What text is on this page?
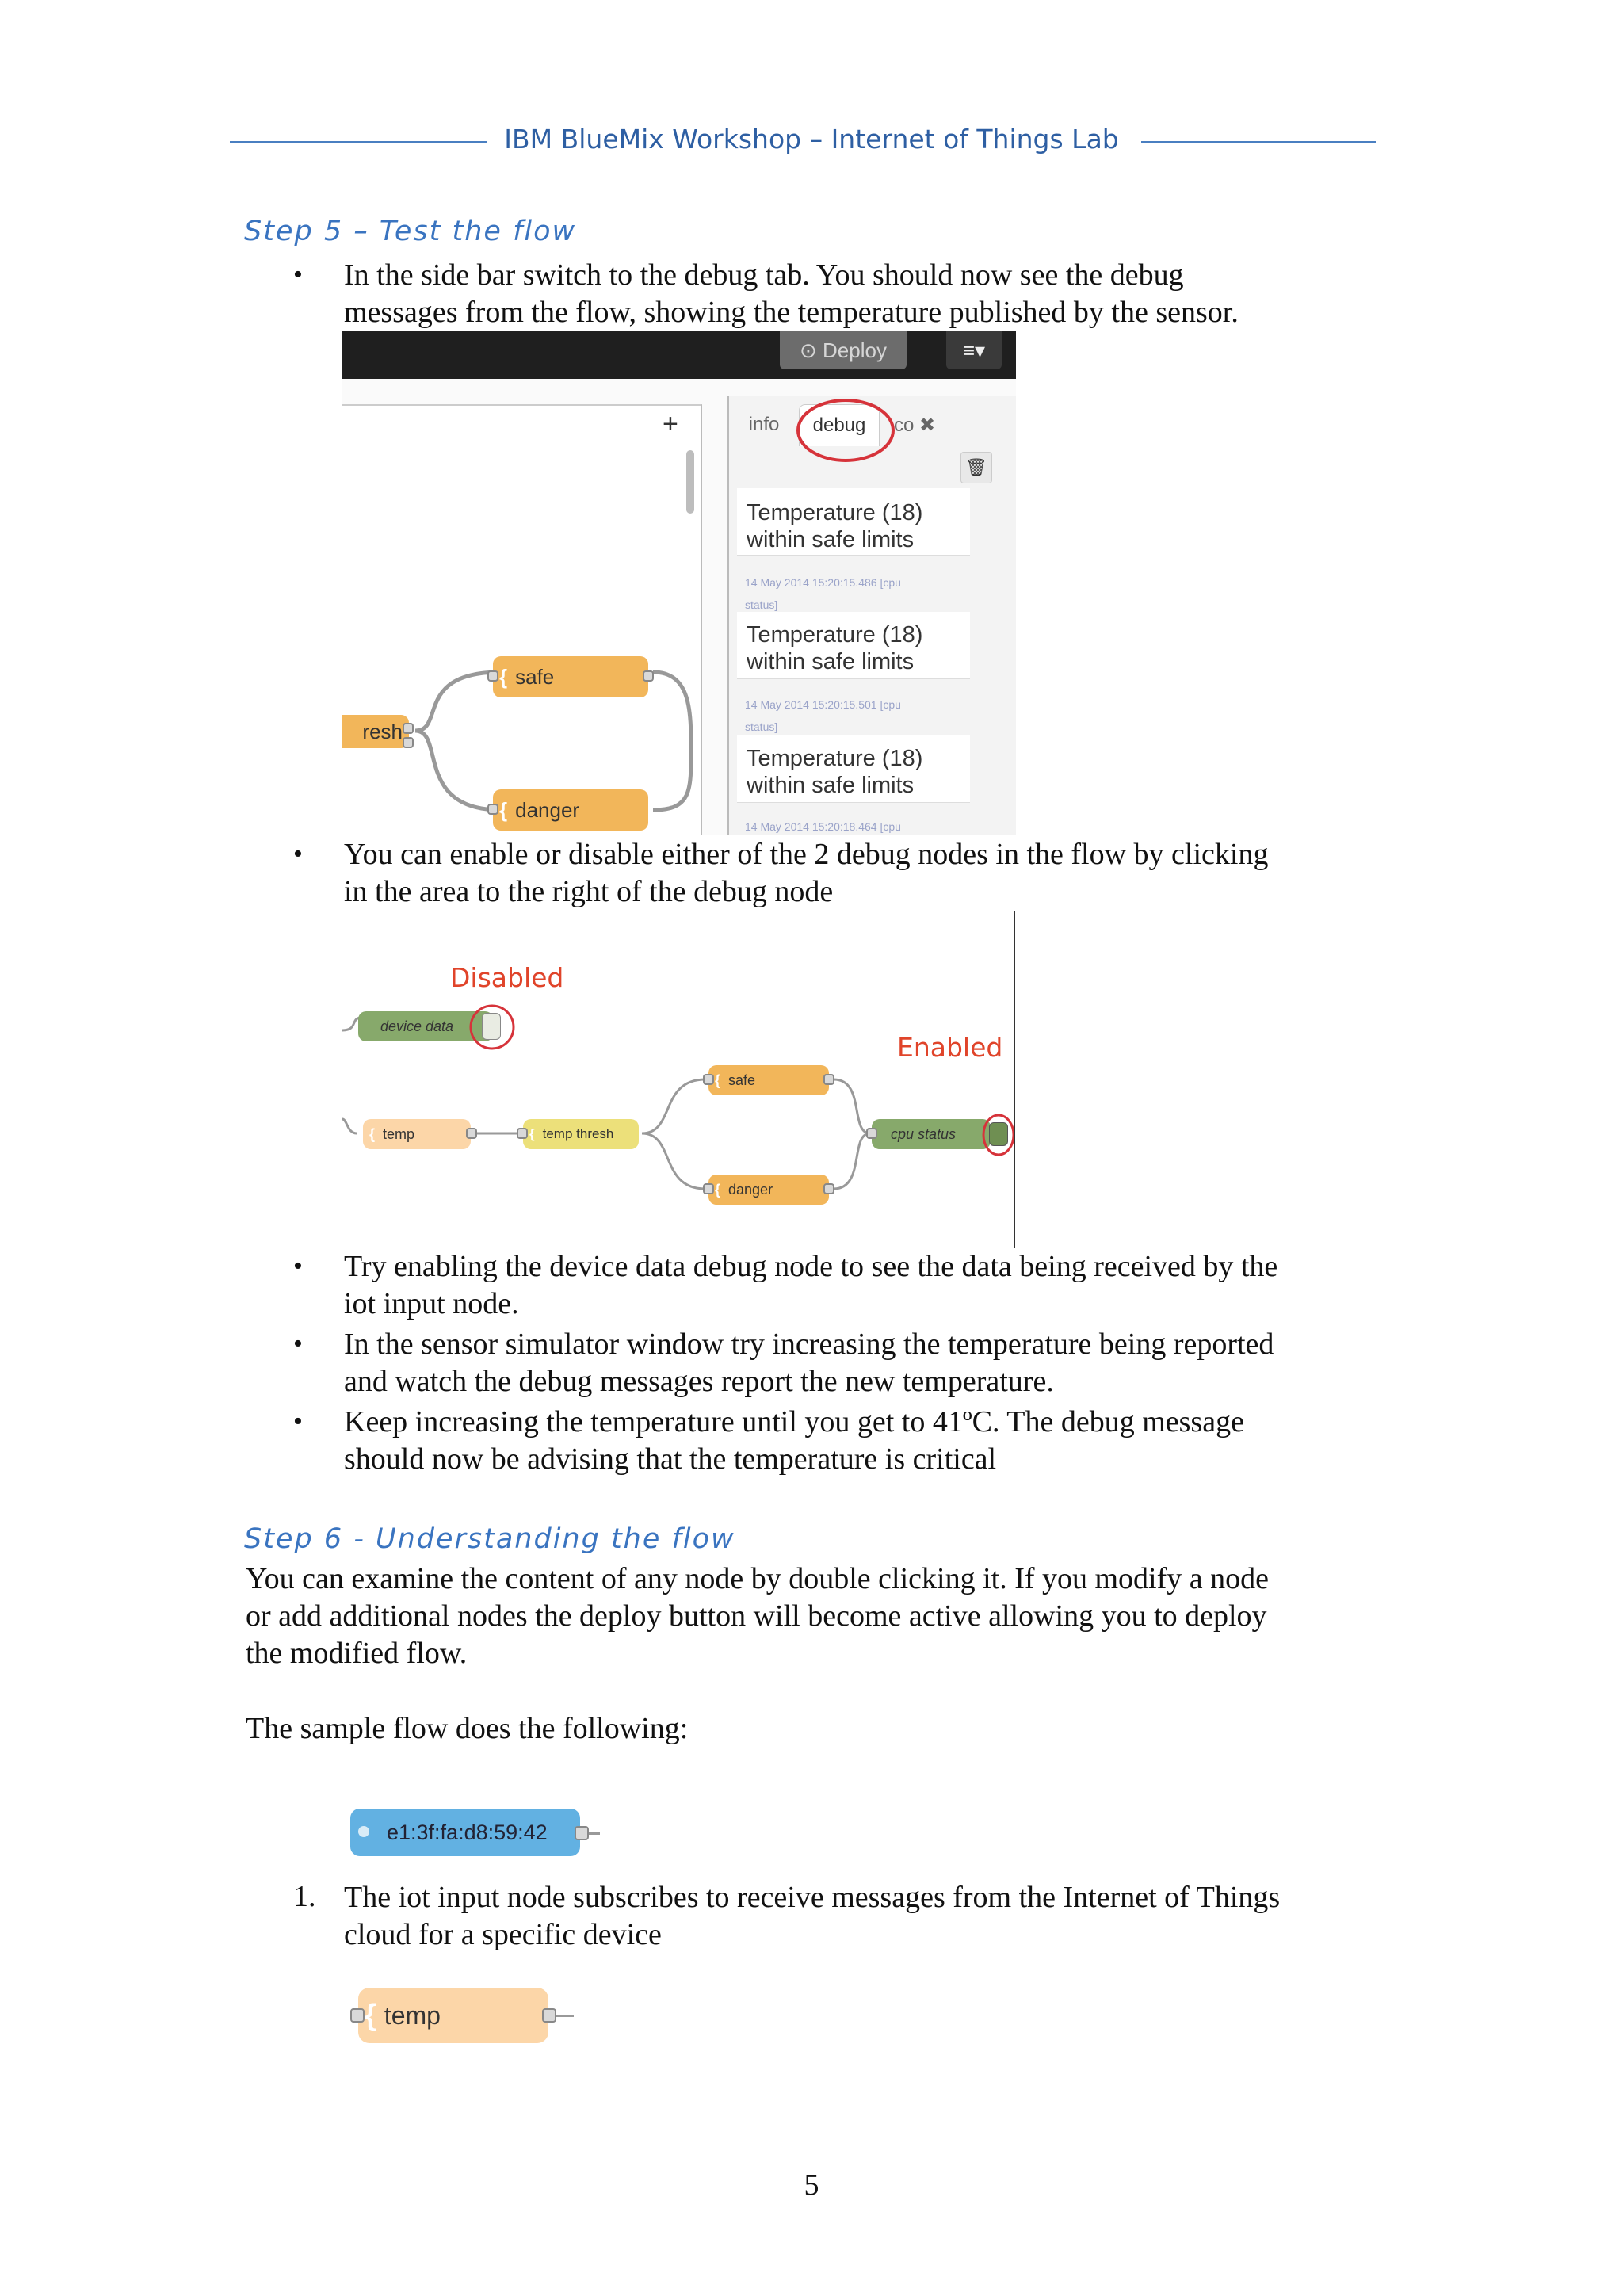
IBM BlueMix Workshop – Internet of Things Lab
Step 5 – Test the flow
• In the side bar switch to the debug tab. You should now see the debug
messages from the flow, showing the temperature published by the sensor.
⊙ Deploy	≡▾
+
resh
{ safe
{ danger
info	debug	co ✖
🗑
Temperature (18)
within safe limits
14 May 2014 15:20:15.486 [cpu
status]
Temperature (18)
within safe limits
14 May 2014 15:20:15.501 [cpu
status]
Temperature (18)
within safe limits
14 May 2014 15:20:18.464 [cpu
• You can enable or disable either of the 2 debug nodes in the flow by clicking
in the area to the right of the debug node
Disabled
Enabled
device data
{ temp	{ temp thresh
{ safe
{ danger
cpu status
• Try enabling the device data debug node to see the data being received by the
iot input node.
• In the sensor simulator window try increasing the temperature being reported
and watch the debug messages report the new temperature.
• Keep increasing the temperature until you get to 41ºC. The debug message
should now be advising that the temperature is critical
Step 6 - Understanding the flow
You can examine the content of any node by double clicking it. If you modify a node
or add additional nodes the deploy button will become active allowing you to deploy
the modified flow.
The sample flow does the following:
e1:3f:fa:d8:59:42
1. The iot input node subscribes to receive messages from the Internet of Things
cloud for a specific device
{ temp
5
